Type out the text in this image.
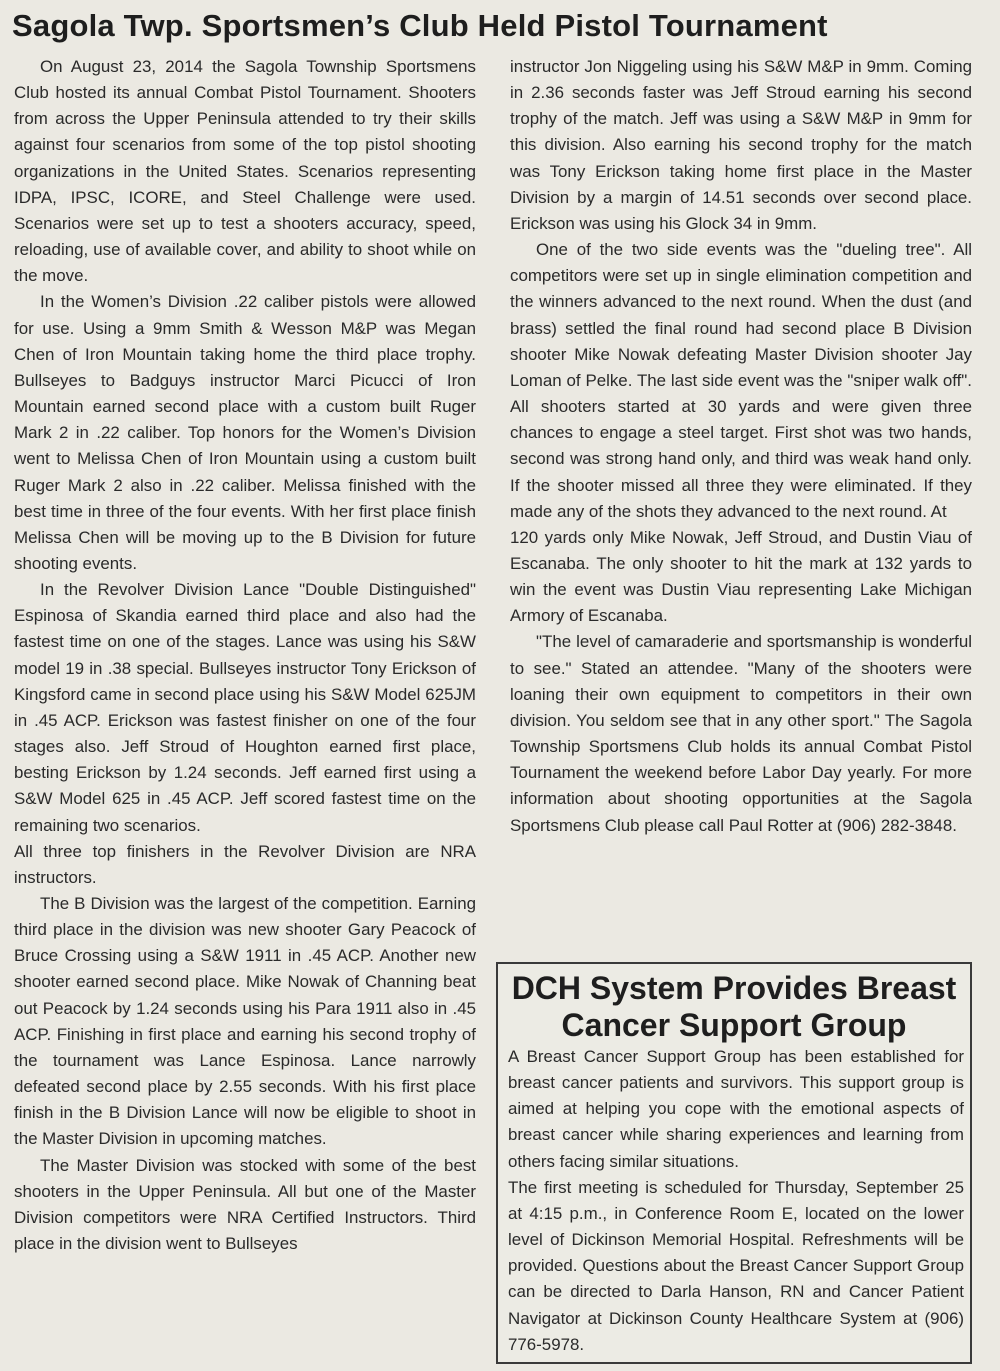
Sagola Twp. Sportsmen’s Club Held Pistol Tournament

On August 23, 2014 the Sagola Township Sportsmens Club hosted its annual Combat Pistol Tournament. Shooters from across the Upper Peninsula attended to try their skills against four scenarios from some of the top pistol shooting organizations in the United States. Scenarios representing IDPA, IPSC, ICORE, and Steel Challenge were used. Scenarios were set up to test a shooters accuracy, speed, reloading, use of available cover, and ability to shoot while on the move.

In the Women’s Division .22 caliber pistols were allowed for use. Using a 9mm Smith & Wesson M&P was Megan Chen of Iron Mountain taking home the third place trophy. Bullseyes to Badguys instructor Marci Picucci of Iron Mountain earned second place with a custom built Ruger Mark 2 in .22 caliber. Top honors for the Women’s Division went to Melissa Chen of Iron Mountain using a custom built Ruger Mark 2 also in .22 caliber. Melissa finished with the best time in three of the four events. With her first place finish Melissa Chen will be moving up to the B Division for future shooting events.

In the Revolver Division Lance "Double Distinguished" Espinosa of Skandia earned third place and also had the fastest time on one of the stages. Lance was using his S&W model 19 in .38 special. Bullseyes instructor Tony Erickson of Kingsford came in second place using his S&W Model 625JM in .45 ACP. Erickson was fastest finisher on one of the four stages also. Jeff Stroud of Houghton earned first place, besting Erickson by 1.24 seconds. Jeff earned first using a S&W Model 625 in .45 ACP. Jeff scored fastest time on the remaining two scenarios.

All three top finishers in the Revolver Division are NRA instructors.

The B Division was the largest of the competition. Earning third place in the division was new shooter Gary Peacock of Bruce Crossing using a S&W 1911 in .45 ACP. Another new shooter earned second place. Mike Nowak of Channing beat out Peacock by 1.24 seconds using his Para 1911 also in .45 ACP. Finishing in first place and earning his second trophy of the tournament was Lance Espinosa. Lance narrowly defeated second place by 2.55 seconds. With his first place finish in the B Division Lance will now be eligible to shoot in the Master Division in upcoming matches.

The Master Division was stocked with some of the best shooters in the Upper Peninsula. All but one of the Master Division competitors were NRA Certified Instructors. Third place in the division went to Bullseyes

instructor Jon Niggeling using his S&W M&P in 9mm. Coming in 2.36 seconds faster was Jeff Stroud earning his second trophy of the match. Jeff was using a S&W M&P in 9mm for this division. Also earning his second trophy for the match was Tony Erickson taking home first place in the Master Division by a margin of 14.51 seconds over second place. Erickson was using his Glock 34 in 9mm.

One of the two side events was the "dueling tree". All competitors were set up in single elimination competition and the winners advanced to the next round. When the dust (and brass) settled the final round had second place B Division shooter Mike Nowak defeating Master Division shooter Jay Loman of Pelke. The last side event was the "sniper walk off". All shooters started at 30 yards and were given three chances to engage a steel target. First shot was two hands, second was strong hand only, and third was weak hand only. If the shooter missed all three they were eliminated. If they made any of the shots they advanced to the next round. At

120 yards only Mike Nowak, Jeff Stroud, and Dustin Viau of Escanaba. The only shooter to hit the mark at 132 yards to win the event was Dustin Viau representing Lake Michigan Armory of Escanaba.

"The level of camaraderie and sportsmanship is wonderful to see." Stated an attendee. "Many of the shooters were loaning their own equipment to competitors in their own division. You seldom see that in any other sport." The Sagola Township Sportsmens Club holds its annual Combat Pistol Tournament the weekend before Labor Day yearly. For more information about shooting opportunities at the Sagola Sportsmens Club please call Paul Rotter at (906) 282-3848.

DCH System Provides Breast
Cancer Support Group

A Breast Cancer Support Group has been established for breast cancer patients and survivors. This support group is aimed at helping you cope with the emotional aspects of breast cancer while sharing experiences and learning from others facing similar situations.

The first meeting is scheduled for Thursday, September 25 at 4:15 p.m., in Conference Room E, located on the lower level of Dickinson Memorial Hospital. Refreshments will be provided. Questions about the Breast Cancer Support Group can be directed to Darla Hanson, RN and Cancer Patient Navigator at Dickinson County Healthcare System at (906) 776-5978.
